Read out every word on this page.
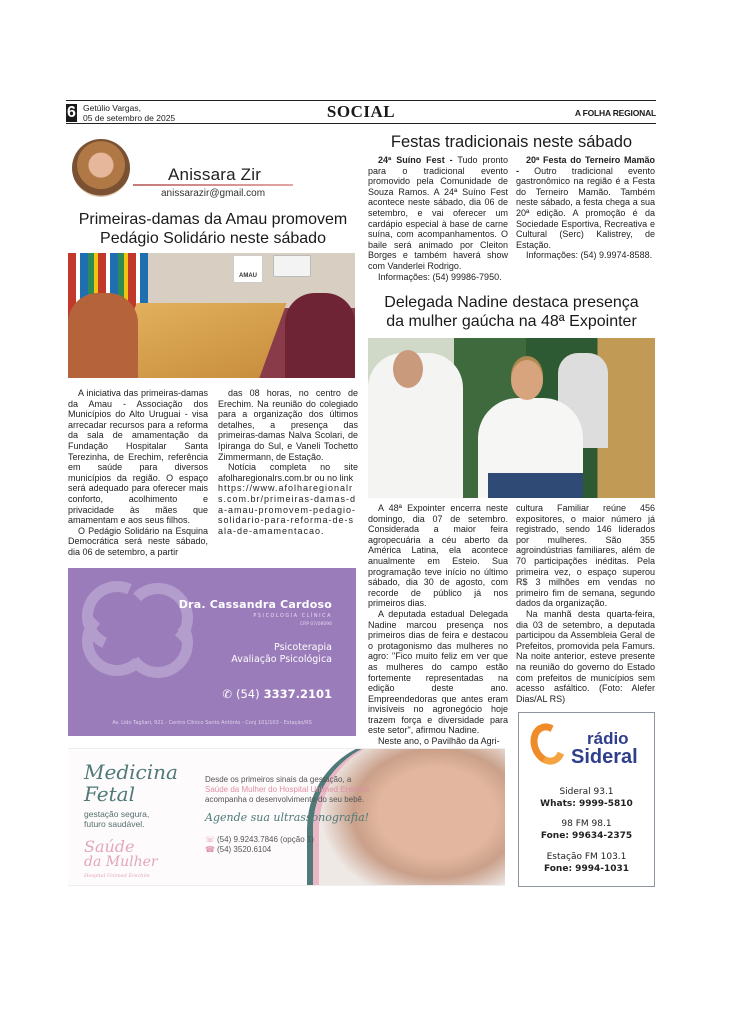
6 Getúlio Vargas,
05 de setembro de 2025	SOCIAL	A FOLHA REGIONAL
Anissara Zir
anissarazir@gmail.com
Primeiras-damas da Amau promovem
Pedágio Solidário neste sábado
AMAU

A iniciativa das primeiras-damas da Amau - Associação dos Municípios do Alto Uruguai - visa arrecadar recursos para a reforma da sala de amamentação da Fundação Hospitalar Santa Terezinha, de Erechim, referência em saúde para diversos municípios da região. O espaço será adequado para oferecer mais conforto, acolhimento e privacidade às mães que amamentam e aos seus filhos.

O Pedágio Solidário na Esquina Democrática será neste sábado, dia 06 de setembro, a partir

das 08 horas, no centro de Erechim. Na reunião do colegiado para a organização dos últimos detalhes, a presença das primeiras-damas Nalva Scolari, de Ipiranga do Sul, e Vaneli Tochetto Zimmermann, de Estação.

Notícia completa no site afolharegionalrs.com.br ou no link

https://www.afolharegionalrs.com.br/primeiras-damas-da-amau-promovem-pedagio-solidario-para-reforma-de-sala-de-amamentacao.
Festas tradicionais neste sábado

24ª Suíno Fest - Tudo pronto para o tradicional evento promovido pela Comunidade de Souza Ramos. A 24ª Suíno Fest acontece neste sábado, dia 06 de setembro, e vai oferecer um cardápio especial à base de carne suína, com acompanhamentos. O baile será animado por Cleiton Borges e também haverá show com Vanderlei Rodrigo.

Informações: (54) 99986-7950.

20ª Festa do Terneiro Mamão - Outro tradicional evento gastronômico na região é a Festa do Terneiro Mamão. Também neste sábado, a festa chega a sua 20ª edição. A promoção é da Sociedade Esportiva, Recreativa e Cultural (Serc) Kalistrey, de Estação.

Informações: (54) 9.9974-8588.

Delegada Nadine destaca presença
da mulher gaúcha na 48ª Expointer

A 48ª Expointer encerra neste domingo, dia 07 de setembro. Considerada a maior feira agropecuária a céu aberto da América Latina, ela acontece anualmente em Esteio. Sua programação teve início no último sábado, dia 30 de agosto, com recorde de público já nos primeiros dias.

A deputada estadual Delegada Nadine marcou presença nos primeiros dias de feira e destacou o protagonismo das mulheres no agro: "Fico muito feliz em ver que as mulheres do campo estão fortemente representadas na edição deste ano. Empreendedoras que antes eram invisíveis no agronegócio hoje trazem força e diversidade para este setor", afirmou Nadine.

Neste ano, o Pavilhão da Agri-

cultura Familiar reúne 456 expositores, o maior número já registrado, sendo 146 liderados por mulheres. São 355 agroindústrias familiares, além de 70 participações inéditas. Pela primeira vez, o espaço superou R$ 3 milhões em vendas no primeiro fim de semana, segundo dados da organização.

Na manhã desta quarta-feira, dia 03 de setembro, a deputada participou da Assembleia Geral de Prefeitos, promovida pela Famurs. Na noite anterior, esteve presente na reunião do governo do Estado com prefeitos de municípios sem acesso asfáltico. (Foto: Alefer Dias/AL RS)

Dra. Cassandra Cardoso
PSICOLOGIA CLÍNICA
CRP 07/08096
Psicoterapia
Avaliação Psicológica
✆ (54) 3337.2101
Av. Lido Tagliari, 921 - Centro Clínico Santo Antônio - Conj 101/103 - Estação/RS
Medicina
Fetal
gestação segura,
futuro saudável.
Saúde
da Mulher
Hospital Unimed Erechim
Desde os primeiros sinais da gestação, a
Saúde da Mulher do Hospital Unimed Erechim
acompanha o desenvolvimento do seu bebê.
Agende sua ultrassonografia!
☏ (54) 9.9243.7846 (opção 1)
☎ (54) 3520.6104
rádio
Sideral
Sideral 93.1
Whats: 9999-5810
98 FM 98.1
Fone: 99634-2375
Estação FM 103.1
Fone: 9994-1031
